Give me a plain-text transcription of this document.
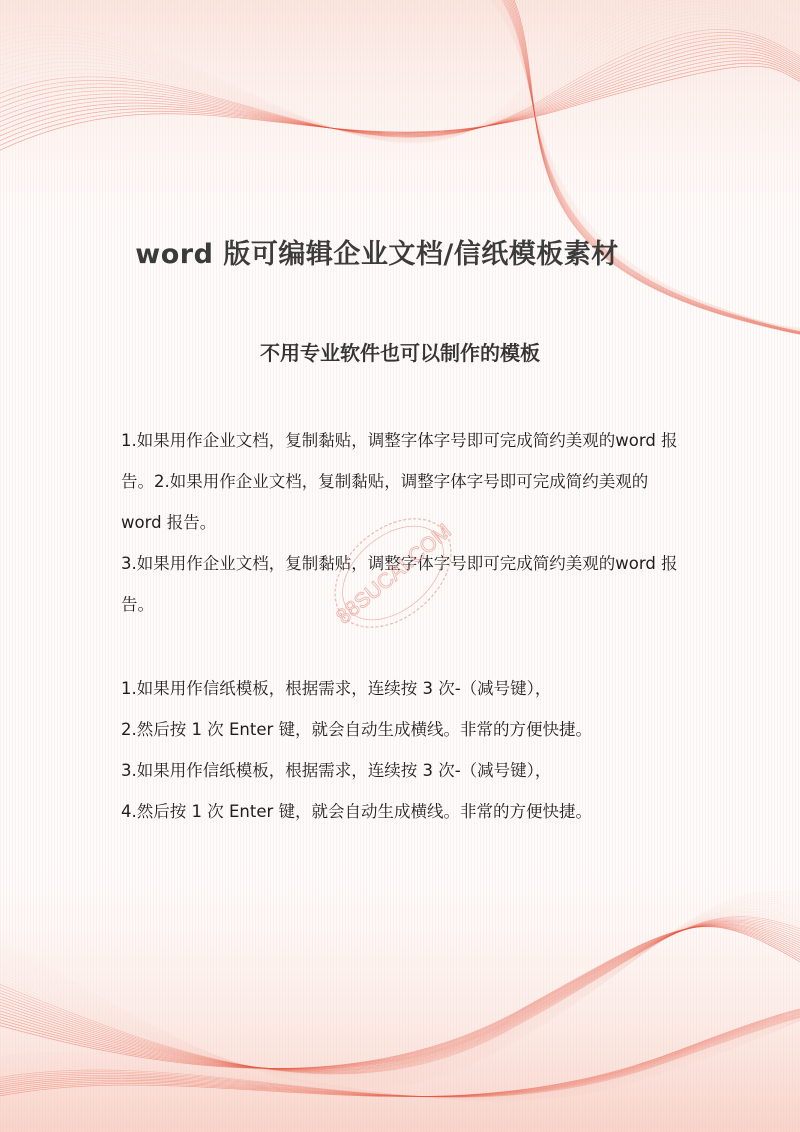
word 版可编辑企业文档/信纸模板素材
不用专业软件也可以制作的模板

1.如果用作企业文档，复制黏贴，调整字体字号即可完成简约美观的word 报告。2.如果用作企业文档，复制黏贴，调整字体字号即可完成简约美观的 word 报告。

3.如果用作企业文档，复制黏贴，调整字体字号即可完成简约美观的word 报告。

1.如果用作信纸模板，根据需求，连续按 3 次-（减号键），
2.然后按 1 次 Enter 键，就会自动生成横线。非常的方便快捷。
3.如果用作信纸模板，根据需求，连续按 3 次-（减号键），
4.然后按 1 次 Enter 键，就会自动生成横线。非常的方便快捷。
88SUCAI.COM
